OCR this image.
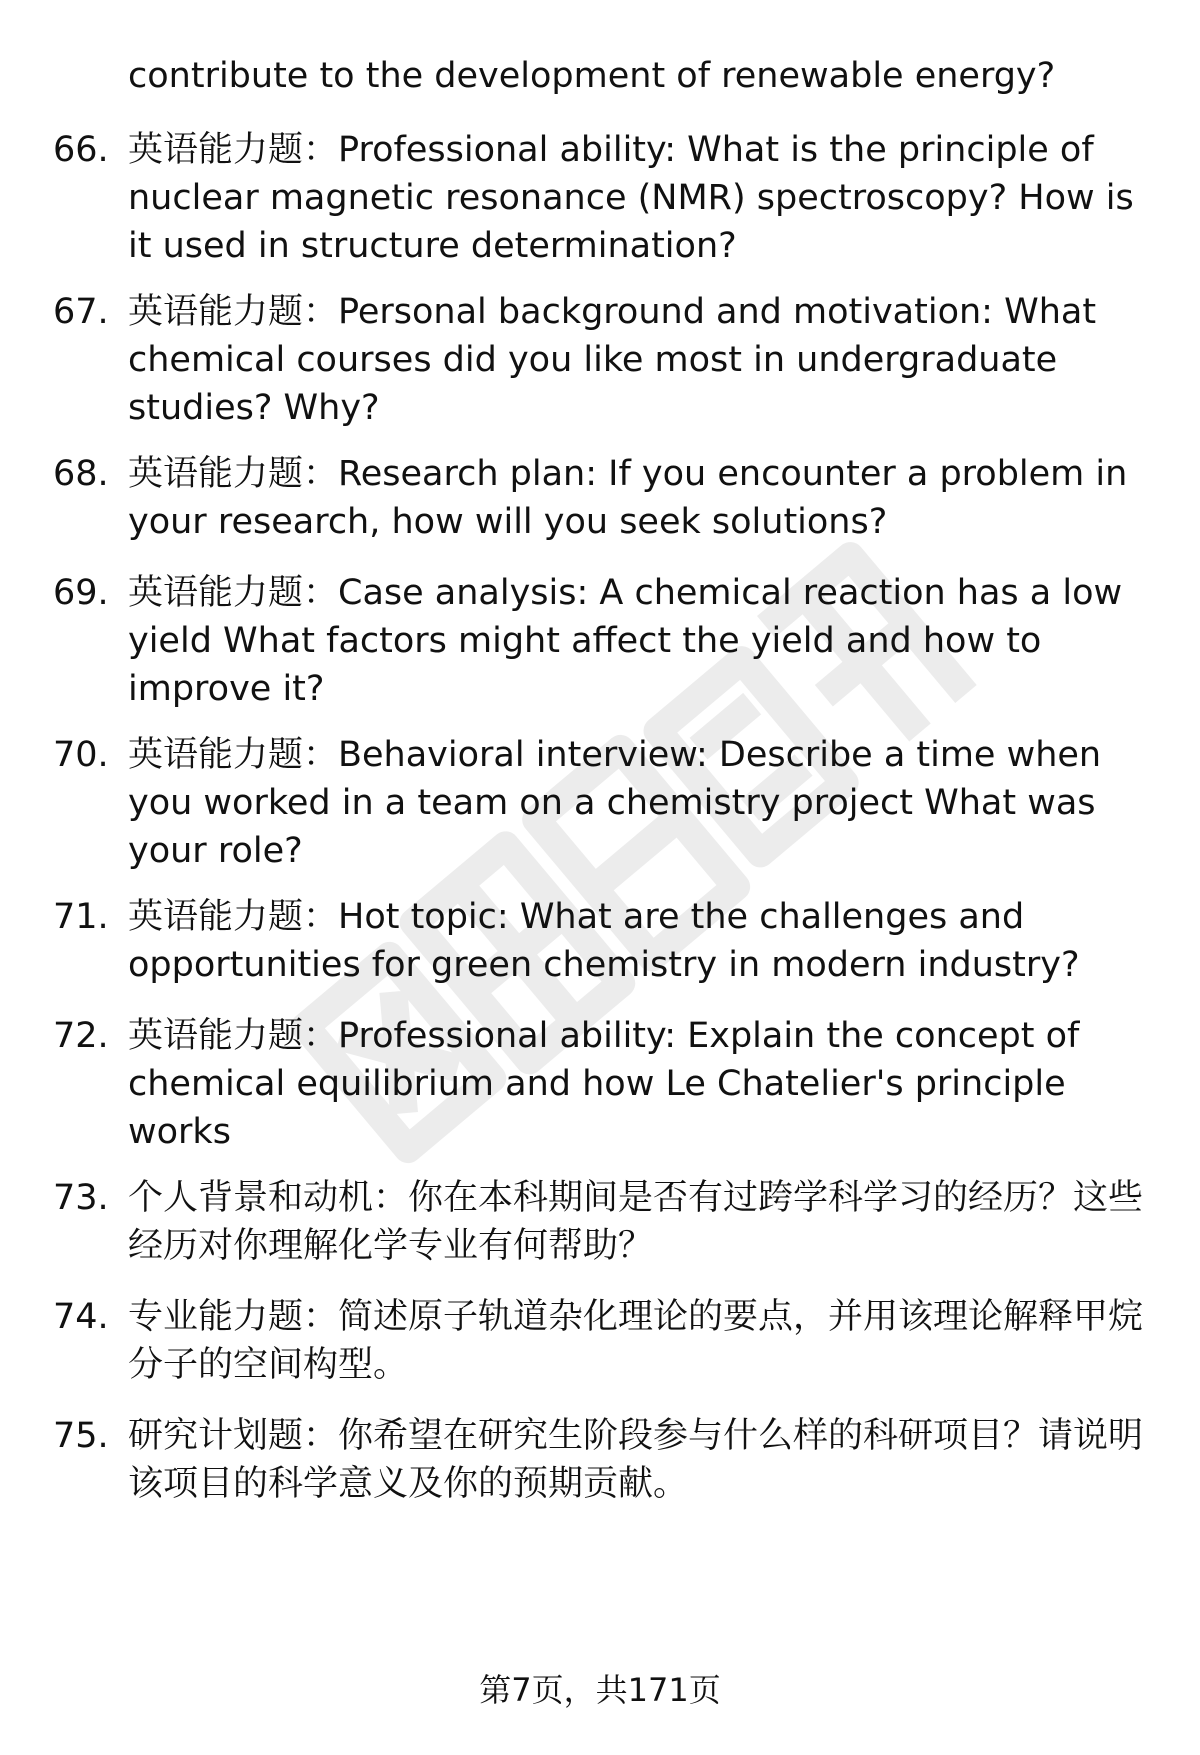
contribute to the development of renewable energy?
66. 英语能力题：Professional ability: What is the principle of nuclear magnetic resonance (NMR) spectroscopy? How is it used in structure determination?
67. 英语能力题：Personal background and motivation: What chemical courses did you like most in undergraduate studies? Why?
68. 英语能力题：Research plan: If you encounter a problem in your research, how will you seek solutions?
69. 英语能力题：Case analysis: A chemical reaction has a low yield What factors might affect the yield and how to improve it?
70. 英语能力题：Behavioral interview: Describe a time when you worked in a team on a chemistry project What was your role?
71. 英语能力题：Hot topic: What are the challenges and opportunities for green chemistry in modern industry?
72. 英语能力题：Professional ability: Explain the concept of chemical equilibrium and how Le Chatelier's principle works
73. 个人背景和动机：你在本科期间是否有过跨学科学习的经历？这些经历对你理解化学专业有何帮助？
74. 专业能力题：简述原子轨道杂化理论的要点，并用该理论解释甲烷分子的空间构型。
75. 研究计划题：你希望在研究生阶段参与什么样的科研项目？请说明该项目的科学意义及你的预期贡献。
第7页，共171页
